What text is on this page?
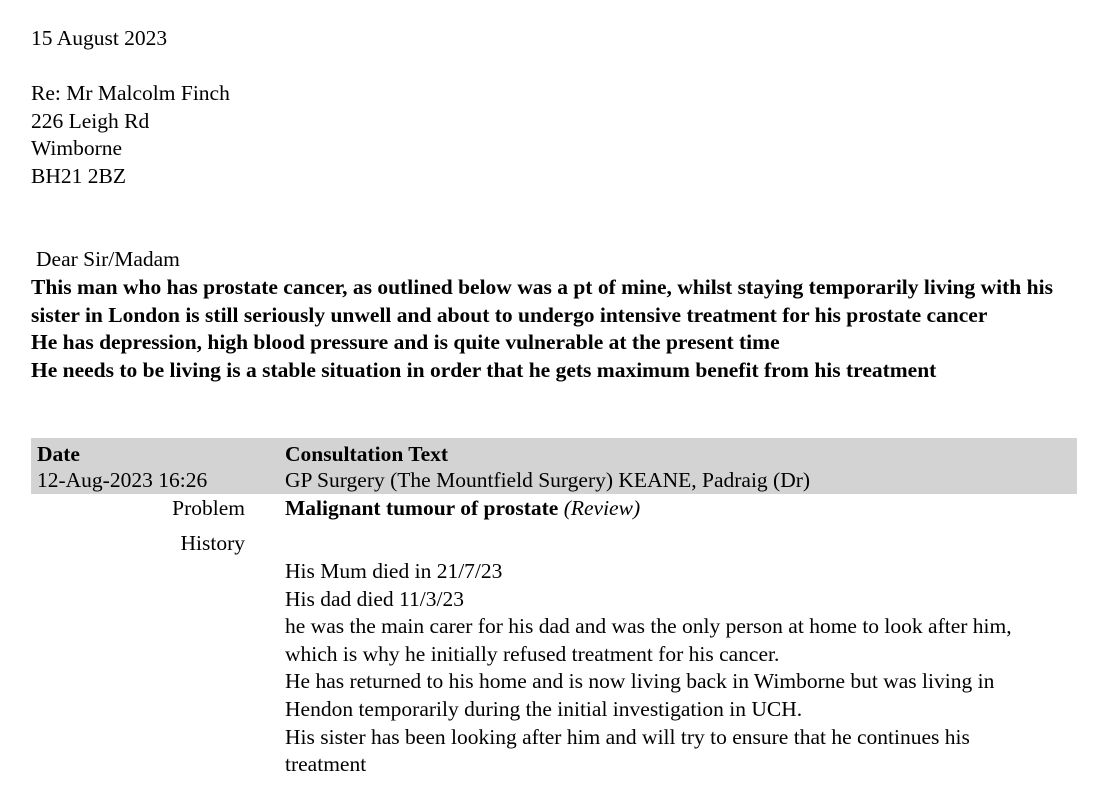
15 August 2023
Re: Mr Malcolm Finch
226 Leigh Rd
Wimborne
BH21 2BZ
Dear Sir/Madam
This man who has prostate cancer, as outlined below was a pt of mine, whilst staying temporarily living with his sister in London is still seriously unwell and about to undergo intensive treatment for his prostate cancer
He has depression, high blood pressure and is quite vulnerable at the present time
He needs to be living is a stable situation in order that he gets maximum benefit from his treatment
Date	Consultation Text
12-Aug-2023 16:26	GP Surgery (The Mountfield Surgery) KEANE, Padraig (Dr)
Problem Malignant tumour of prostate (Review)
History
His Mum died in 21/7/23
His dad died 11/3/23
he was the main carer for his dad and was the only person at home to look after him, which is why he initially refused treatment for his cancer.
He has returned to his home and is now living back in Wimborne but was living in Hendon temporarily during the initial investigation in UCH.
His sister has been looking after him and will try to ensure that he continues his treatment
